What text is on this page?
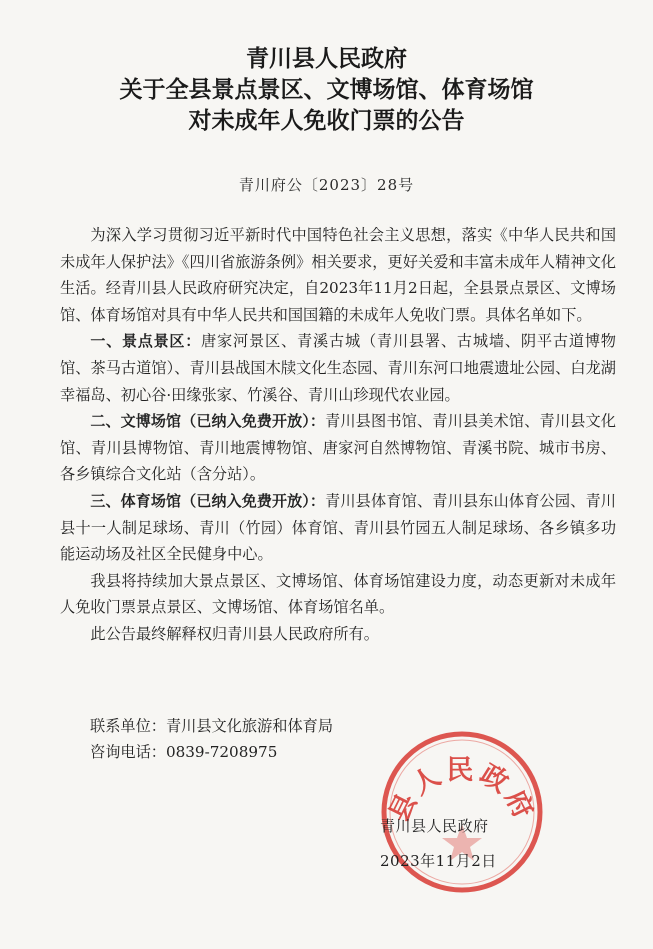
青川县人民政府
关于全县景点景区、文博场馆、体育场馆
对未成年人免收门票的公告
青川府公〔2023〕28号

为深入学习贯彻习近平新时代中国特色社会主义思想，落实《中华人民共和国未成年人保护法》《四川省旅游条例》相关要求，更好关爱和丰富未成年人精神文化生活。经青川县人民政府研究决定，自2023年11月2日起，全县景点景区、文博场馆、体育场馆对具有中华人民共和国国籍的未成年人免收门票。具体名单如下。

一、景点景区：唐家河景区、青溪古城（青川县署、古城墙、阴平古道博物馆、茶马古道馆）、青川县战国木牍文化生态园、青川东河口地震遗址公园、白龙湖幸福岛、初心谷·田缘张家、竹溪谷、青川山珍现代农业园。

二、文博场馆（已纳入免费开放）：青川县图书馆、青川县美术馆、青川县文化馆、青川县博物馆、青川地震博物馆、唐家河自然博物馆、青溪书院、城市书房、各乡镇综合文化站（含分站）。

三、体育场馆（已纳入免费开放）：青川县体育馆、青川县东山体育公园、青川县十一人制足球场、青川（竹园）体育馆、青川县竹园五人制足球场、各乡镇多功能运动场及社区全民健身中心。

我县将持续加大景点景区、文博场馆、体育场馆建设力度，动态更新对未成年人免收门票景点景区、文博场馆、体育场馆名单。

此公告最终解释权归青川县人民政府所有。

联系单位：青川县文化旅游和体育局
咨询电话：0839-7208975
县人民政府
青川县人民政府
2023年11月2日
